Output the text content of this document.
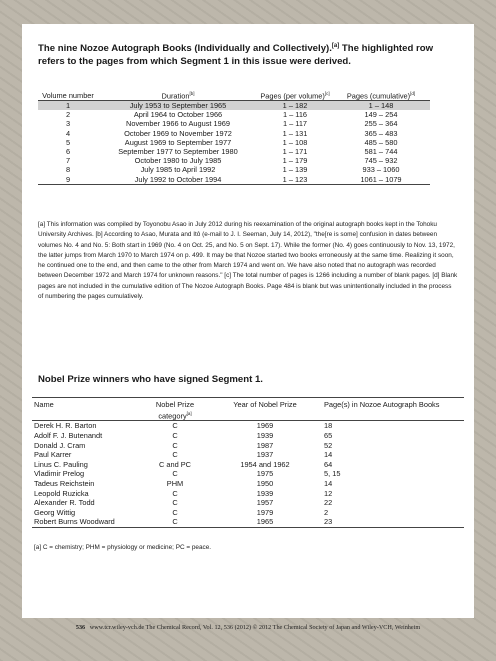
The nine Nozoe Autograph Books (Individually and Collectively).[a] The highlighted row refers to the pages from which Segment 1 in this issue were derived.
Volume number	Duration[b]	Pages (per volume)[c]	Pages (cumulative)[d]
1	July 1953 to September 1965	1 – 182	1 – 148
2	April 1964 to October 1966	1 – 116	149 – 254
3	November 1966 to August 1969	1 – 117	255 – 364
4	October 1969 to November 1972	1 – 131	365 – 483
5	August 1969 to September 1977	1 – 108	485 – 580
6	September 1977 to September 1980	1 – 171	581 – 744
7	October 1980 to July 1985	1 – 179	745 – 932
8	July 1985 to April 1992	1 – 139	933 – 1060
9	July 1992 to October 1994	1 – 123	1061 – 1079
[a] This information was compiled by Toyonobu Asao in July 2012 during his reexamination of the original autograph books kept in the Tohoku University Archives. [b] According to Asao, Murata and Itô (e-mail to J. I. Seeman, July 14, 2012), "the[re is some] confusion in dates between volumes No. 4 and No. 5: Both start in 1969 (No. 4 on Oct. 25, and No. 5 on Sept. 17). While the former (No. 4) goes continuously to Nov. 13, 1972, the latter jumps from March 1970 to March 1974 on p. 499. It may be that Nozoe started two books erroneously at the same time. Realizing it soon, he continued one to the end, and then came to the other from March 1974 and went on. We have also noted that no autograph was recorded between December 1972 and March 1974 for unknown reasons." [c] The total number of pages is 1266 including a number of blank pages. [d] Blank pages are not included in the cumulative edition of The Nozoe Autograph Books. Page 484 is blank but was unintentionally included in the process of numbering the pages cumulatively.
Nobel Prize winners who have signed Segment 1.
Name	Nobel Prize category[a]	Year of Nobel Prize	Page(s) in Nozoe Autograph Books
Derek H. R. Barton	C	1969	18
Adolf F. J. Butenandt	C	1939	65
Donald J. Cram	C	1987	52
Paul Karrer	C	1937	14
Linus C. Pauling	C and PC	1954 and 1962	64
Vladimir Prelog	C	1975	5, 15
Tadeus Reichstein	PHM	1950	14
Leopold Ruzicka	C	1939	12
Alexander R. Todd	C	1957	22
Georg Wittig	C	1979	2
Robert Burns Woodward	C	1965	23
[a] C = chemistry; PHM = physiology or medicine; PC = peace.
536 www.tcr.wiley-vch.de The Chemical Record, Vol. 12, 536 (2012) © 2012 The Chemical Society of Japan and Wiley-VCH, Weinheim
